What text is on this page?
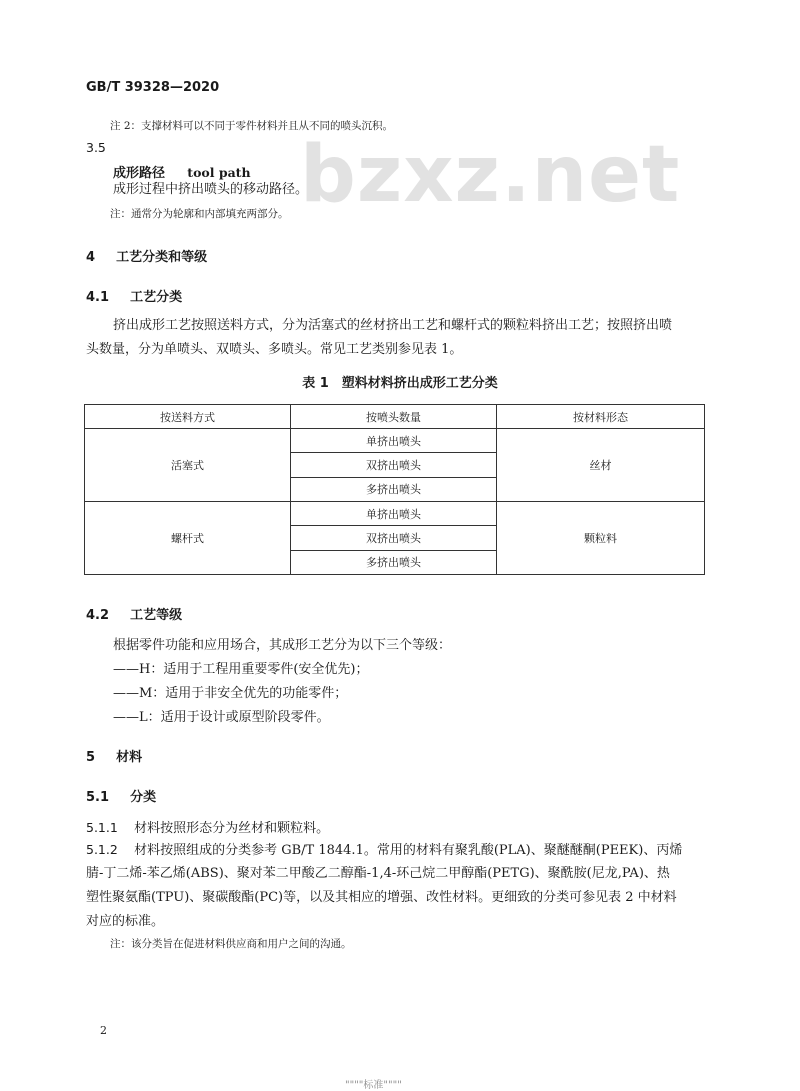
bzxz.net
GB/T 39328—2020
注 2：支撑材料可以不同于零件材料并且从不同的喷头沉积。
3.5
成形路径 tool path
成形过程中挤出喷头的移动路径。
注：通常分为轮廓和内部填充两部分。
4 工艺分类和等级
4.1 工艺分类
挤出成形工艺按照送料方式，分为活塞式的丝材挤出工艺和螺杆式的颗粒料挤出工艺；按照挤出喷
头数量，分为单喷头、双喷头、多喷头。常见工艺类别参见表 1。
表 1　塑料材料挤出成形工艺分类
按送料方式	按喷头数量	按材料形态
活塞式	单挤出喷头	丝材
	双挤出喷头	
	多挤出喷头	
螺杆式	单挤出喷头	颗粒料
	双挤出喷头	
	多挤出喷头	
4.2 工艺等级
根据零件功能和应用场合，其成形工艺分为以下三个等级：
——H：适用于工程用重要零件(安全优先)；
——M：适用于非安全优先的功能零件；
——L：适用于设计或原型阶段零件。
5 材料
5.1 分类
5.1.1 材料按照形态分为丝材和颗粒料。
5.1.2 材料按照组成的分类参考 GB/T 1844.1。常用的材料有聚乳酸(PLA)、聚醚醚酮(PEEK)、丙烯
腈-丁二烯-苯乙烯(ABS)、聚对苯二甲酸乙二醇酯-1,4-环己烷二甲醇酯(PETG)、聚酰胺(尼龙,PA)、热
塑性聚氨酯(TPU)、聚碳酸酯(PC)等，以及其相应的增强、改性材料。更细致的分类可参见表 2 中材料
对应的标准。
注：该分类旨在促进材料供应商和用户之间的沟通。
2
""""标准""""
